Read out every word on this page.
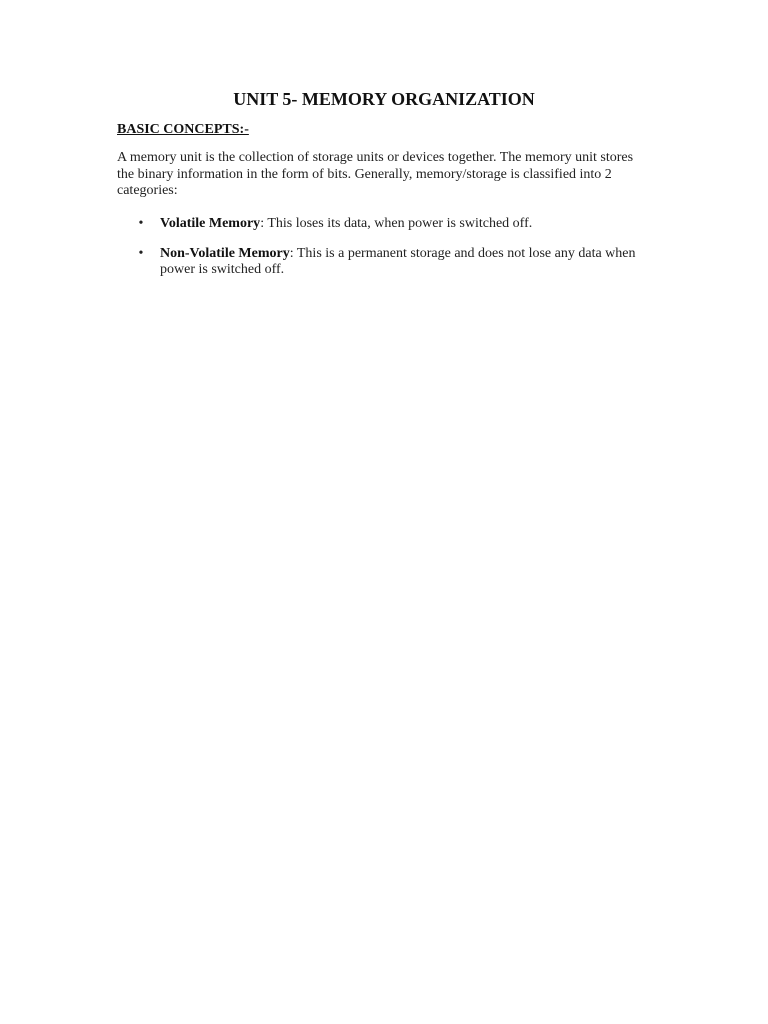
UNIT 5- MEMORY ORGANIZATION
BASIC CONCEPTS:-

A memory unit is the collection of storage units or devices together. The memory unit stores the binary information in the form of bits. Generally, memory/storage is classified into 2 categories:

• Volatile Memory: This loses its data, when power is switched off.
• Non-Volatile Memory: This is a permanent storage and does not lose any data when power is switched off.
